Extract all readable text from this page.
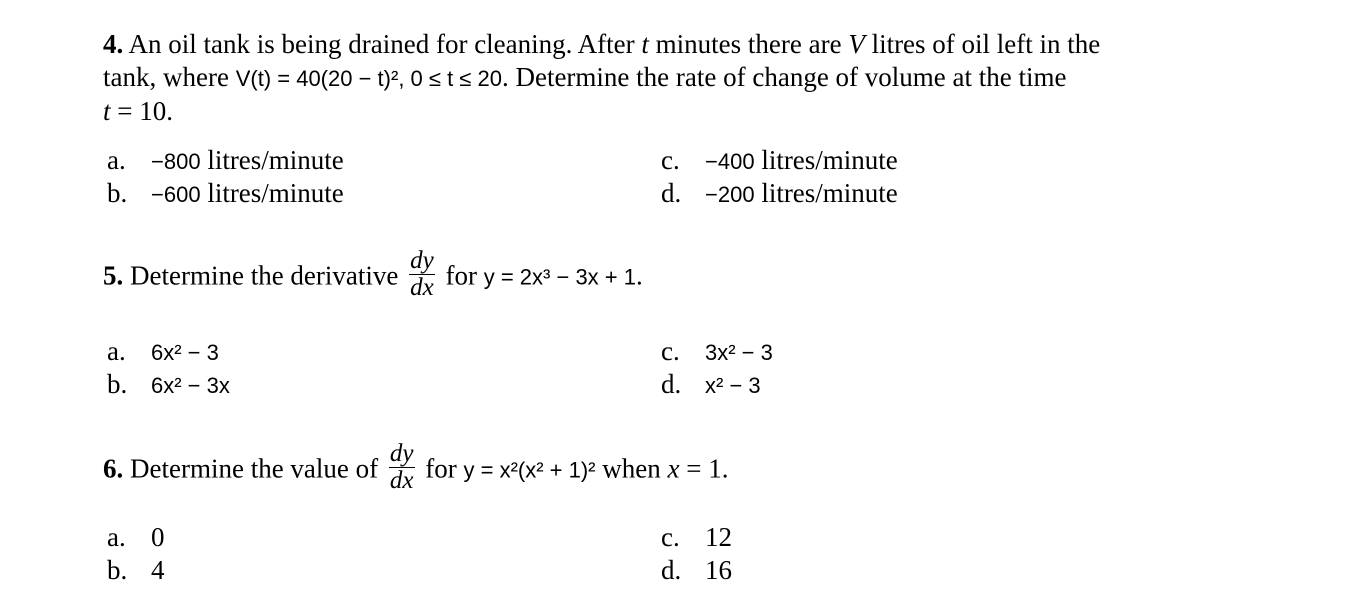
4. An oil tank is being drained for cleaning. After t minutes there are V litres of oil left in the
tank, where V(t) = 40(20 − t)², 0 ≤ t ≤ 20. Determine the rate of change of volume at the time
t = 10.
a. −800 litres/minute
b. −600 litres/minute
c. −400 litres/minute
d. −200 litres/minute
5. Determine the derivative $\frac{dy}{dx}$ for y = 2x³ − 3x + 1.
a. 6x² − 3
b. 6x² − 3x
c. 3x² − 3
d. x² − 3
6. Determine the value of $\frac{dy}{dx}$ for y = x²(x² + 1)² when x = 1.
a. 0
b. 4
c. 12
d. 16
